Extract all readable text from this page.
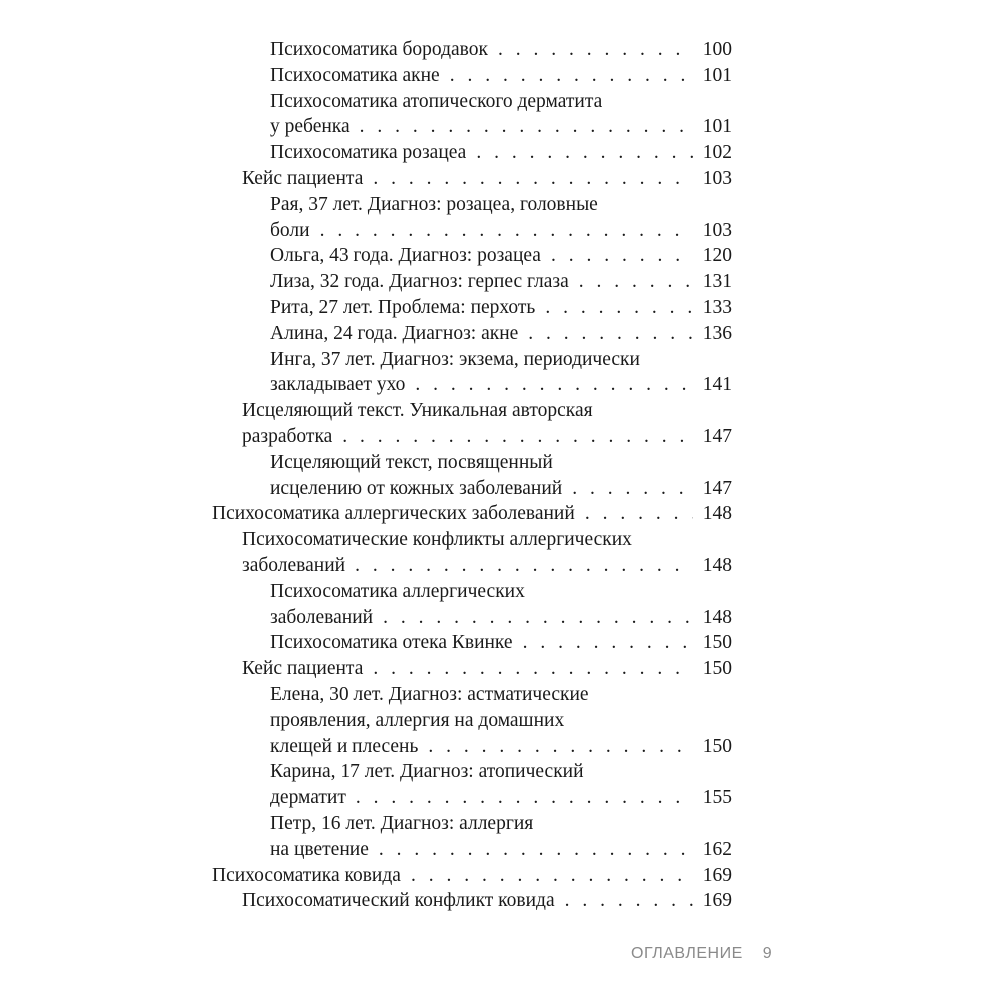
Психосоматика бородавок . . .	100
Психосоматика акне . . .	101
Психосоматика атопического дерматита
у ребенка . . .	101
Психосоматика розацеа . . .	102
Кейс пациента . . .	103
Рая, 37 лет. Диагноз: розацеа, головные
боли . . .	103
Ольга, 43 года. Диагноз: розацеа . . .	120
Лиза, 32 года. Диагноз: герпес глаза . . .	131
Рита, 27 лет. Проблема: перхоть . . .	133
Алина, 24 года. Диагноз: акне . . .	136
Инга, 37 лет. Диагноз: экзема, периодически
закладывает ухо . . .	141
Исцеляющий текст. Уникальная авторская
разработка . . .	147
Исцеляющий текст, посвященный
исцелению от кожных заболеваний . . .	147
Психосоматика аллергических заболеваний . . .	148
Психосоматические конфликты аллергических
заболеваний . . .	148
Психосоматика аллергических
заболеваний . . .	148
Психосоматика отека Квинке . . .	150
Кейс пациента . . .	150
Елена, 30 лет. Диагноз: астматические
проявления, аллергия на домашних
клещей и плесень . . .	150
Карина, 17 лет. Диагноз: атопический
дерматит . . .	155
Петр, 16 лет. Диагноз: аллергия
на цветение . . .	162
Психосоматика ковида . . .	169
Психосоматический конфликт ковида . . .	169
ОГЛАВЛЕНИЕ 9
